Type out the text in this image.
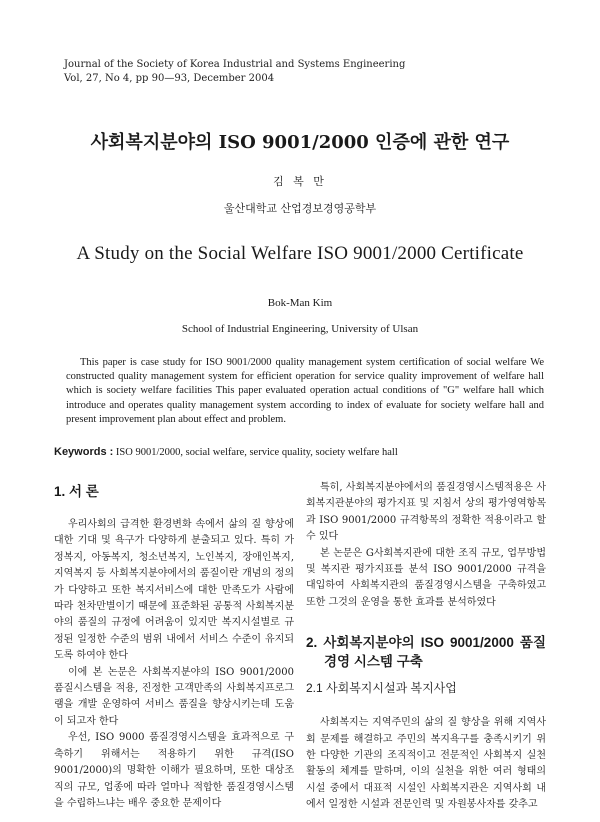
Journal of the Society of Korea Industrial and Systems Engineering
Vol, 27, No 4, pp 90—93, December 2004
사회복지분야의 ISO 9001/2000 인증에 관한 연구
김 복 만
울산대학교 산업경보경영공학부
A Study on the Social Welfare ISO 9001/2000 Certificate
Bok-Man Kim
School of Industrial Engineering, University of Ulsan
This paper is case study for ISO 9001/2000 quality management system certification of social welfare We constructed quality management system for efficient operation for service quality improvement of welfare hall which is society welfare facilities This paper evaluated operation actual conditions of "G" welfare hall which introduce and operates quality management system according to index of evaluate for society welfare hall and present improvement plan about effect and problem.
Keywords : ISO 9001/2000, social welfare, service quality, society welfare hall
1. 서 론

우리사회의 급격한 환경변화 속에서 삶의 질 향상에 대한 기대 및 욕구가 다양하게 분출되고 있다. 특히 가정복지, 아동복지, 청소년복지, 노인복지, 장애인복지, 지역복지 등 사회복지분야에서의 품질이란 개념의 정의가 다양하고 또한 복지서비스에 대한 만족도가 사람에 따라 천차만별이기 때문에 표준화된 공통적 사회복지분야의 품질의 규정에 어려움이 있지만 복지시설별로 규정된 일정한 수준의 범위 내에서 서비스 수준이 유지되도록 하여야 한다

이에 본 논문은 사회복지분야의 ISO 9001/2000 품질시스템을 적용, 진정한 고객만족의 사회복지프로그램을 개발 운영하여 서비스 품질을 향상시키는데 도움이 되고자 한다

우선, ISO 9000 품질경영시스템을 효과적으로 구축하기 위해서는 적용하기 위한 규격(ISO 9001/2000)의 명확한 이해가 필요하며, 또한 대상조직의 규모, 업종에 따라 얼마나 적합한 품질경영시스템을 수립하느냐는 배우 중요한 문제이다

특히, 사회복지분야에서의 품질경영시스템적용은 사회복지관분야의 평가지표 및 지침서 상의 평가영역항목과 ISO 9001/2000 규격항목의 정확한 적용이라고 할 수 있다

본 논문은 G사회복지관에 대한 조직 규모, 업무방법 및 복지관 평가지표를 분석 ISO 9001/2000 규격을 대입하여 사회복지관의 품질경영시스템을 구축하였고 또한 그것의 운영을 통한 효과를 분석하였다

2. 사회복지분야의 ISO 9001/2000 품질경영 시스템 구축
2.1 사회복지시설과 복지사업

사회복지는 지역주민의 삶의 질 향상을 위해 지역사회 문제를 해결하고 주민의 복지욕구를 충족시키기 위한 다양한 기관의 조직적이고 전문적인 사회복지 실천활동의 체계를 말하며, 이의 실천을 위한 여러 형태의 시설 중에서 대표적 시설인 사회복지관은 지역사회 내에서 일정한 시설과 전문인력 및 자원봉사자를 갖추고
